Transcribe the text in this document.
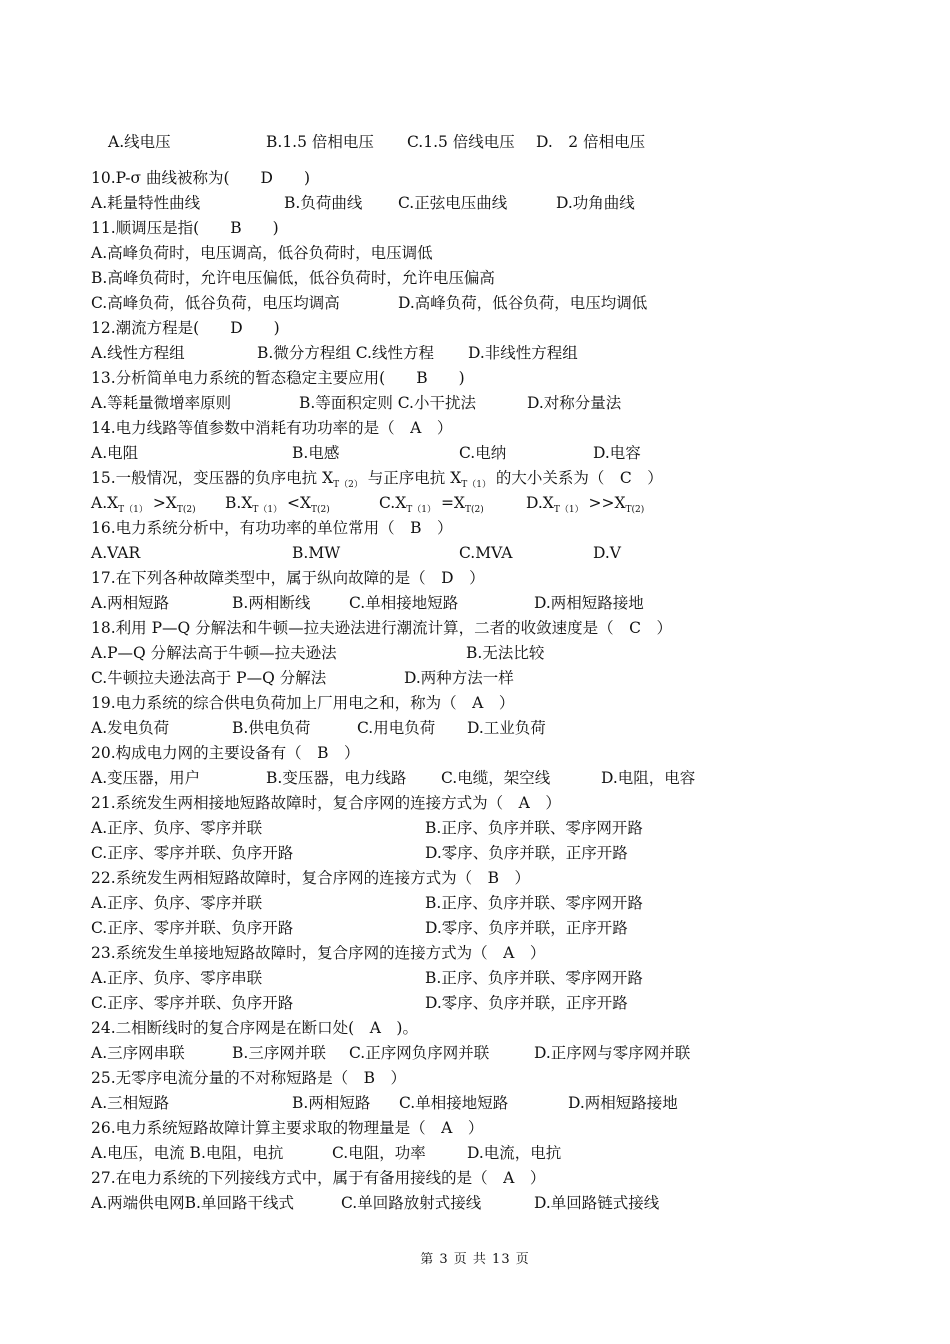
A.线电压	B.1.5 倍相电压 C.1.5 倍线电压 D.　2 倍相电压
10.P-σ 曲线被称为(　　D　　)
A.耗量特性曲线	B.负荷曲线 C.正弦电压曲线	D.功角曲线
11.顺调压是指(　　B　　)
A.高峰负荷时，电压调高，低谷负荷时，电压调低
B.高峰负荷时，允许电压偏低，低谷负荷时，允许电压偏高
C.高峰负荷，低谷负荷，电压均调高	D.高峰负荷，低谷负荷，电压均调低
12.潮流方程是(　　D　　)
A.线性方程组	B.微分方程组 C.线性方程 D.非线性方程组
13.分析简单电力系统的暂态稳定主要应用(　　B　　)
A.等耗量微增率原则	B.等面积定则 C.小干扰法	D.对称分量法
14.电力线路等值参数中消耗有功功率的是（　A　）
A.电阻	B.电感	C.电纳	D.电容
15.一般情况，变压器的负序电抗 $X_{T(2)}$ 与正序电抗 $X_{T(1)}$ 的大小关系为（　C　）
$A.X_{T(1)} >X_{T(2)}$ $B.X_{T(1)} <X_{T(2)}$	$C.X_{T(1)} =X_{T(2)}$	$D.X_{T(1)} >>X_{T(2)}$
16.电力系统分析中，有功功率的单位常用（　B　）
A.VAR	B.MW	C.MVA	D.V
17.在下列各种故障类型中，属于纵向故障的是（　D　）
A.两相短路	B.两相断线 C.单相接地短路	D.两相短路接地
18.利用 P—Q 分解法和牛顿—拉夫逊法进行潮流计算，二者的收敛速度是（　C　）
A.P—Q 分解法高于牛顿—拉夫逊法	B.无法比较
C.牛顿拉夫逊法高于 P—Q 分解法	D.两种方法一样
19.电力系统的综合供电负荷加上厂用电之和，称为（　A　）
A.发电负荷	B.供电负荷	C.用电负荷 D.工业负荷
20.构成电力网的主要设备有（　B　）
A.变压器，用户	B.变压器，电力线路 C.电缆，架空线	D.电阻，电容
21.系统发生两相接地短路故障时，复合序网的连接方式为（　A　）
A.正序、负序、零序并联	B.正序、负序并联、零序网开路
C.正序、零序并联、负序开路	D.零序、负序并联，正序开路
22.系统发生两相短路故障时，复合序网的连接方式为（　B　）
A.正序、负序、零序并联	B.正序、负序并联、零序网开路
C.正序、零序并联、负序开路	D.零序、负序并联，正序开路
23.系统发生单接地短路故障时，复合序网的连接方式为（　A　）
A.正序、负序、零序串联	B.正序、负序并联、零序网开路
C.正序、零序并联、负序开路	D.零序、负序并联，正序开路
24.二相断线时的复合序网是在断口处(　A　)。
A.三序网串联	B.三序网并联 C.正序网负序网并联	D.正序网与零序网并联
25.无零序电流分量的不对称短路是（　B　）
A.三相短路	B.两相短路 C.单相接地短路	D.两相短路接地
26.电力系统短路故障计算主要求取的物理量是（　A　）
A.电压，电流 B.电阻，电抗	C.电阻，功率	D.电流，电抗
27.在电力系统的下列接线方式中，属于有备用接线的是（　A　）
A.两端供电网B.单回路干线式	C.单回路放射式接线	D.单回路链式接线
第 3 页 共 13 页
